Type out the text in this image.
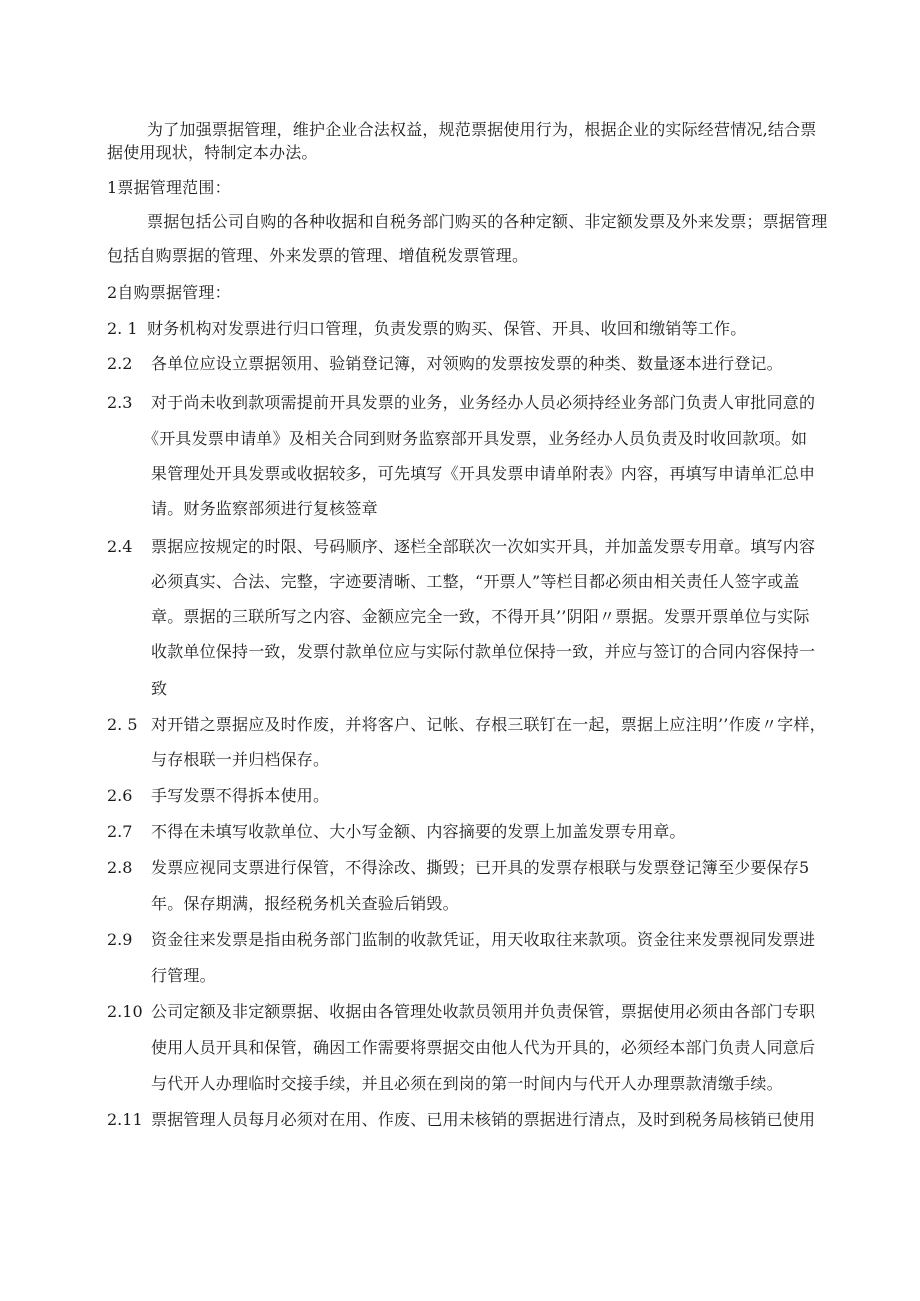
为了加强票据管理，维护企业合法权益，规范票据使用行为，根据企业的实际经营情况,结合票
据使用现状，特制定本办法。
1票据管理范围：
票据包括公司自购的各种收据和自税务部门购买的各种定额、非定额发票及外来发票；票据管理
包括自购票据的管理、外来发票的管理、增值税发票管理。
2自购票据管理：
2. 1 财务机构对发票进行归口管理，负责发票的购买、保管、开具、收回和缴销等工作。
2.2 各单位应设立票据领用、验销登记簿，对领购的发票按发票的种类、数量逐本进行登记。
2.3 对于尚未收到款项需提前开具发票的业务，业务经办人员必须持经业务部门负责人审批同意的
《开具发票申请单》及相关合同到财务监察部开具发票，业务经办人员负责及时收回款项。如
果管理处开具发票或收据较多，可先填写《开具发票申请单附表》内容，再填写申请单汇总申
请。财务监察部须进行复核签章
2.4 票据应按规定的时限、号码顺序、逐栏全部联次一次如实开具，并加盖发票专用章。填写内容
必须真实、合法、完整，字迹要清晰、工整，“开票人”等栏目都必须由相关责任人签字或盖
章。票据的三联所写之内容、金额应完全一致，不得开具’’阴阳〃票据。发票开票单位与实际
收款单位保持一致，发票付款单位应与实际付款单位保持一致，并应与签订的合同内容保持一
致
2. 5 对开错之票据应及时作废，并将客户、记帐、存根三联钉在一起，票据上应注明’’作废〃字样，
与存根联一并归档保存。
2.6 手写发票不得拆本使用。
2.7 不得在未填写收款单位、大小写金额、内容摘要的发票上加盖发票专用章。
2.8 发票应视同支票进行保管，不得涂改、撕毁；已开具的发票存根联与发票登记簿至少要保存5
年。保存期满，报经税务机关查验后销毁。
2.9 资金往来发票是指由税务部门监制的收款凭证，用天收取往来款项。资金往来发票视同发票进
行管理。
2.10 公司定额及非定额票据、收据由各管理处收款员领用并负责保管，票据使用必须由各部门专职
使用人员开具和保管，确因工作需要将票据交由他人代为开具的，必须经本部门负责人同意后
与代开人办理临时交接手续，并且必须在到岗的第一时间内与代开人办理票款清缴手续。
2.11 票据管理人员每月必须对在用、作废、已用未核销的票据进行清点，及时到税务局核销已使用
